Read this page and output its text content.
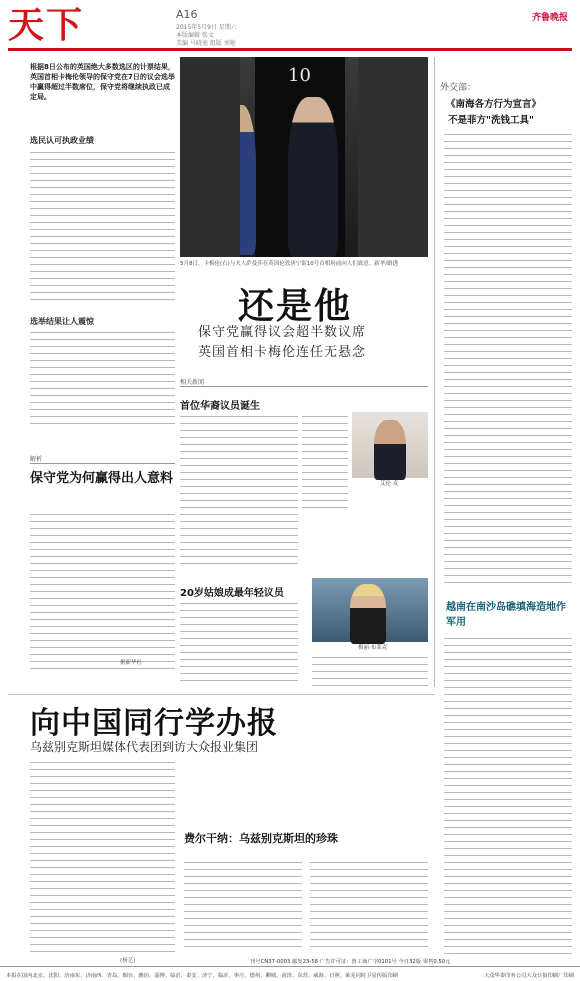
天下	A16
2015年5月9日 星期六
本版编辑 张文
美编 马晓迪 组版 刘艳
齐鲁晚报
根据8日公布的英国绝大多数选区的计票结果，英国首相卡梅伦领导的保守党在7日的议会选举中赢得超过半数席位，保守党将继续执政已成定局。
选民认可执政业绩
选举结果让人震惊
解析
保守党为何赢得出人意料
据新华社
10
5月8日，卡梅伦(右)与夫人萨曼莎在英国伦敦唐宁街10号首相府前向人们致意。新华/路透
还是他
保守党赢得议会超半数议席
英国首相卡梅伦连任无悬念
相关新闻
首位华裔议员诞生
艾伦·麦
20岁姑娘成最年轻议员
梅丽·布莱克
外交部：
《南海各方行为宣言》
不是菲方"洗钱工具"
越南在南沙岛礁填海造地作军用
向中国同行学办报
乌兹别克斯坦媒体代表团到访大众报业集团
(杨艺)
费尔干纳：乌兹别克斯坦的珍珠
本报在国内北京、沈阳、济南东、济南西、青岛、烟台、潍坊、淄博、临沂、泰安、济宁、临沂、枣庄、德州、聊城、菏泽、东营、威海、日照、莱芜同时卫星传版印刷
刊号CN37-0003 邮发23-58 广告许可证：鲁工商广字0101号 今日32版 零售0.50元
大众华泰印务公司大众日报印刷厂印刷
